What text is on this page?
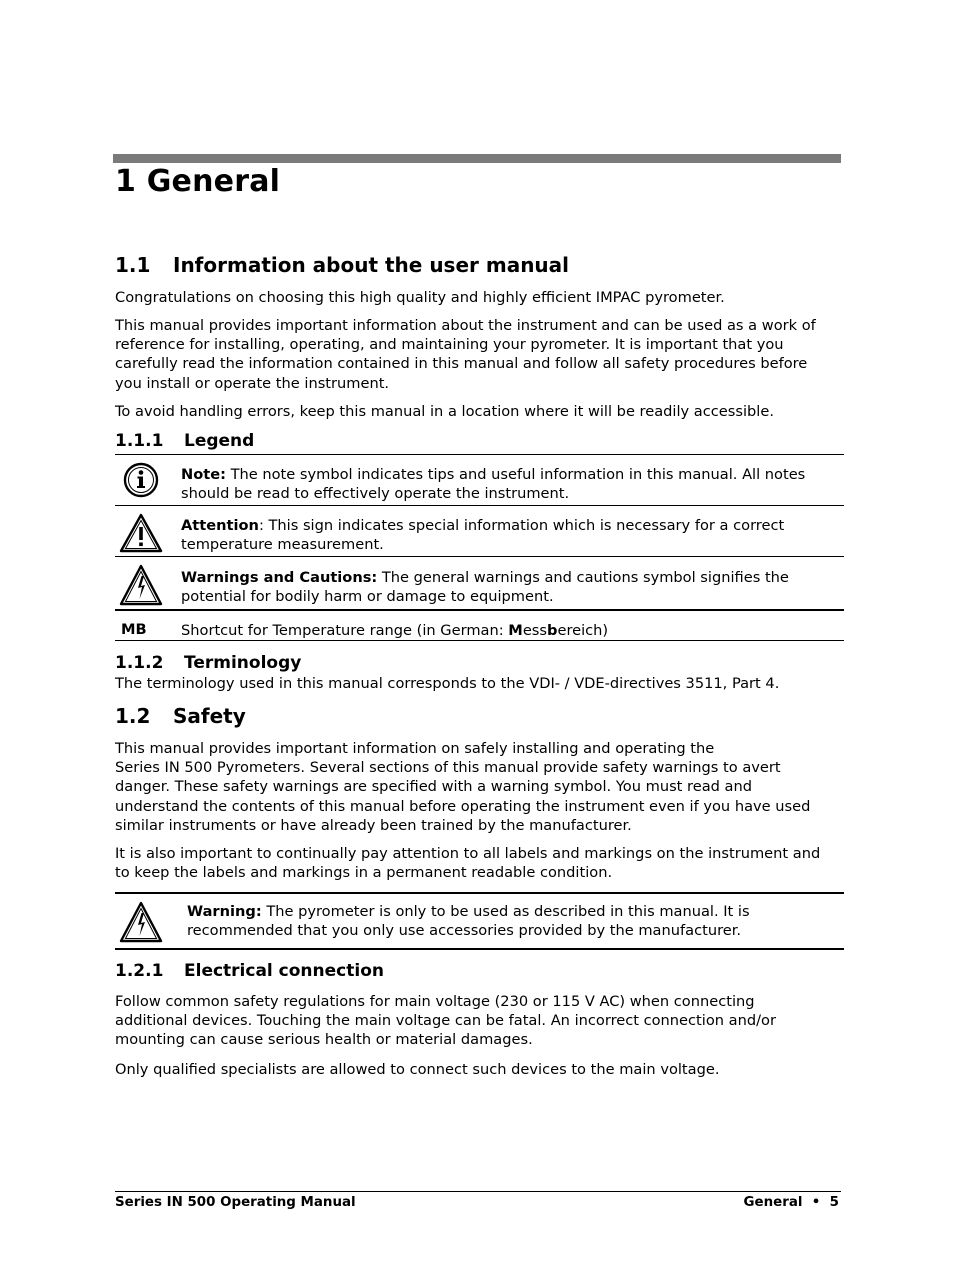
1 General
1.1 Information about the user manual

Congratulations on choosing this high quality and highly efficient IMPAC pyrometer.

This manual provides important information about the instrument and can be used as a work of
reference for installing, operating, and maintaining your pyrometer. It is important that you
carefully read the information contained in this manual and follow all safety procedures before
you install or operate the instrument.

To avoid handling errors, keep this manual in a location where it will be readily accessible.

1.1.1 Legend
Note: The note symbol indicates tips and useful information in this manual. All notes
should be read to effectively operate the instrument.
Attention: This sign indicates special information which is necessary for a correct
temperature measurement.
Warnings and Cautions: The general warnings and cautions symbol signifies the
potential for bodily harm or damage to equipment.
MB Shortcut for Temperature range (in German: Messbereich)
1.1.2 Terminology

The terminology used in this manual corresponds to the VDI- / VDE-directives 3511, Part 4.

1.2 Safety
This manual provides important information on safely installing and operating the
Series IN 500 Pyrometers. Several sections of this manual provide safety warnings to avert
danger. These safety warnings are specified with a warning symbol. You must read and
understand the contents of this manual before operating the instrument even if you have used
similar instruments or have already been trained by the manufacturer.
It is also important to continually pay attention to all labels and markings on the instrument and
to keep the labels and markings in a permanent readable condition.
Warning: The pyrometer is only to be used as described in this manual. It is
recommended that you only use accessories provided by the manufacturer.
1.2.1 Electrical connection
Follow common safety regulations for main voltage (230 or 115 V AC) when connecting
additional devices. Touching the main voltage can be fatal. An incorrect connection and/or
mounting can cause serious health or material damages.

Only qualified specialists are allowed to connect such devices to the main voltage.

Series IN 500 Operating Manual	General • 5
